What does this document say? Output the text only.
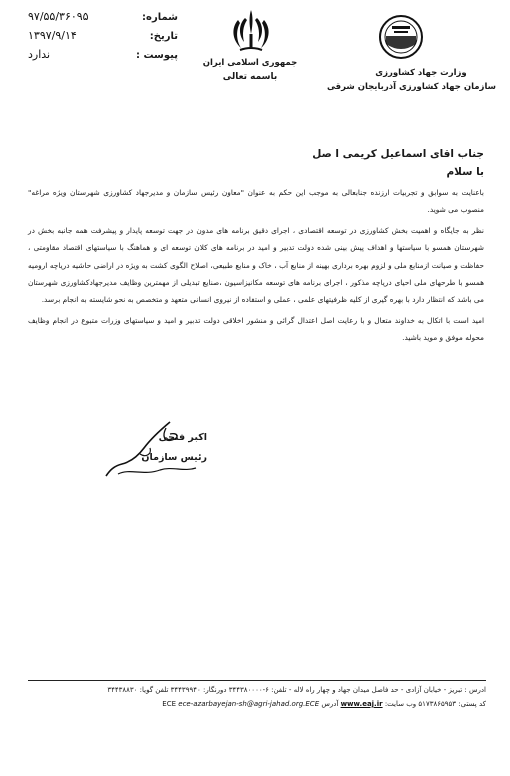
شماره:
۹۷/۵۵/۳۶۰۹۵
تاریخ:
۱۳۹۷/۹/۱۴
پیوست :
ندارد
جمهوری اسلامی ایران
باسمه تعالی	وزارت جهاد کشاورزی
سازمان جهاد کشاورزی آذربایجان شرقی
جناب اقای اسماعیل کریمی ا صل
با سلام

باعنایت به سوابق و تجربیات ارزنده جنابعالی به موجب این حکم به عنوان "معاون رئیس سازمان و مدیرجهاد کشاورزی شهرستان ویژه مراغه" منصوب می شوید.

نظر به جایگاه و اهمیت بخش کشاورزی در توسعه اقتصادی ، اجرای دقیق برنامه های مدون در جهت توسعه پایدار و پیشرفت همه جانبه بخش در شهرستان همسو با سیاستها و اهداف پیش بینی شده دولت تدبیر و امید در برنامه های کلان توسعه ای و هماهنگ با سیاستهای اقتصاد مقاومتی ، حفاظت و صیانت ازمنابع ملی و لزوم بهره برداری بهینه از منابع آب ، خاک و منابع طبیعی، اصلاح الگوی کشت به ویژه در اراضی حاشیه دریاچه ارومیه همسو با طرحهای ملی احیای دریاچه مذکور ، اجرای برنامه های توسعه مکانیزاسیون ،صنایع تبدیلی از مهمترین وظایف مدیرجهادکشاورزی شهرستان می باشد که انتظار دارد با بهره گیری از کلیه ظرفیتهای علمی ، عملی و استفاده از نیروی انسانی متعهد و متخصص به نحو شایسته به انجام برسد.

امید است با اتکال به خداوند متعال و با رعایت اصل اعتدال گرائی و منشور اخلاقی دولت تدبیر و امید و سیاستهای وزرات متبوع در انجام وظایف محوله موفق و موید باشید.

اکبر فتحی
رئیس سازمان
ادرس : تبریز - خیابان آزادی - حد فاصل میدان جهاد و چهار راه لاله - تلفن: ۶-۳۴۴۳۸۰۰۰۰ دورنگار: ۳۴۴۳۹۹۴۰ تلفن گویا: ۳۴۴۳۸۸۳۰
کد پستی: ۵۱۷۳۸۶۵۹۵۳ وب سایت: www.eaj.ir آدرس ECE ece-azarbayejan-sh@agri-jahad.org.ECE
